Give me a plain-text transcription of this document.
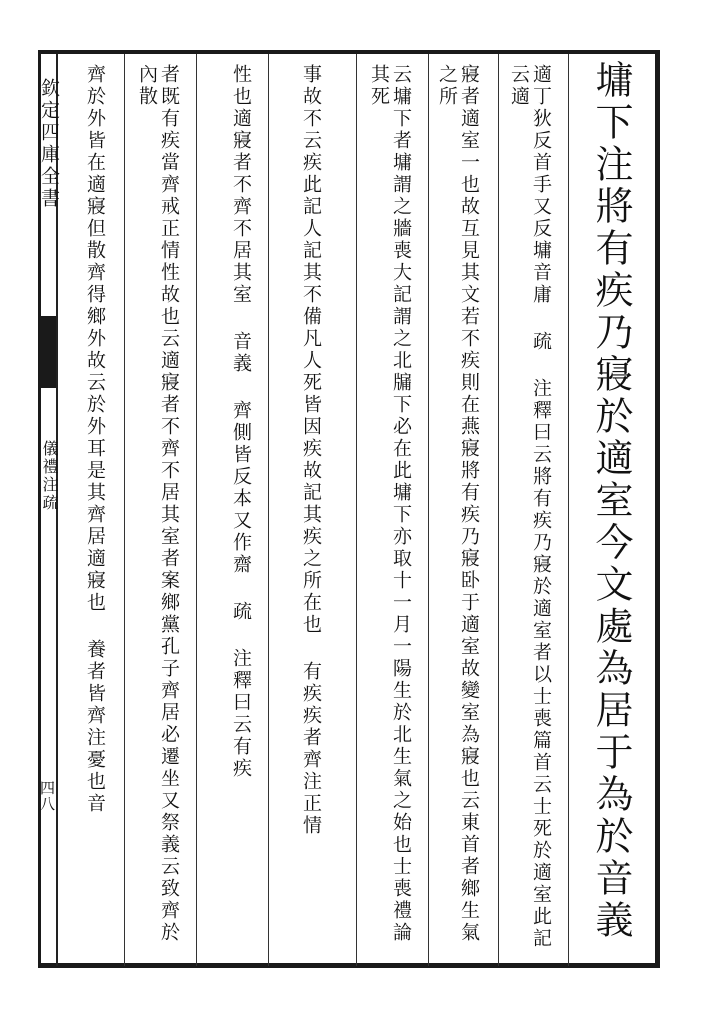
欽定四庫全書
儀禮注疏
四八	墉下注將有疾乃寢於適室今文處為居于為於音義
適丁狄反首手又反墉音庸 疏 注釋曰云將有疾乃寢於適室者以士喪篇首云士死於適室此記云適
寢者適室一也故互見其文若不疾則在燕寢將有疾乃寢卧于適室故變室為寢也云東首者鄉生氣之所
云墉下者墉謂之牆喪大記謂之北牖下必在此墉下亦取十一月一陽生於北生氣之始也士喪禮論其死
事故不云疾此記人記其不備凡人死皆因疾故記其疾之所在也 有疾疾者齊注正情
性也適寢者不齊不居其室 音義 齊側皆反本又作齋 疏 注釋曰云有疾
者既有疾當齊戒正情性故也云適寢者不齊不居其室者案鄉黨孔子齊居必遷坐又祭義云致齊於內散
齊於外皆在適寢但散齊得鄉外故云於外耳是其齊居適寢也 養者皆齊注憂也音
